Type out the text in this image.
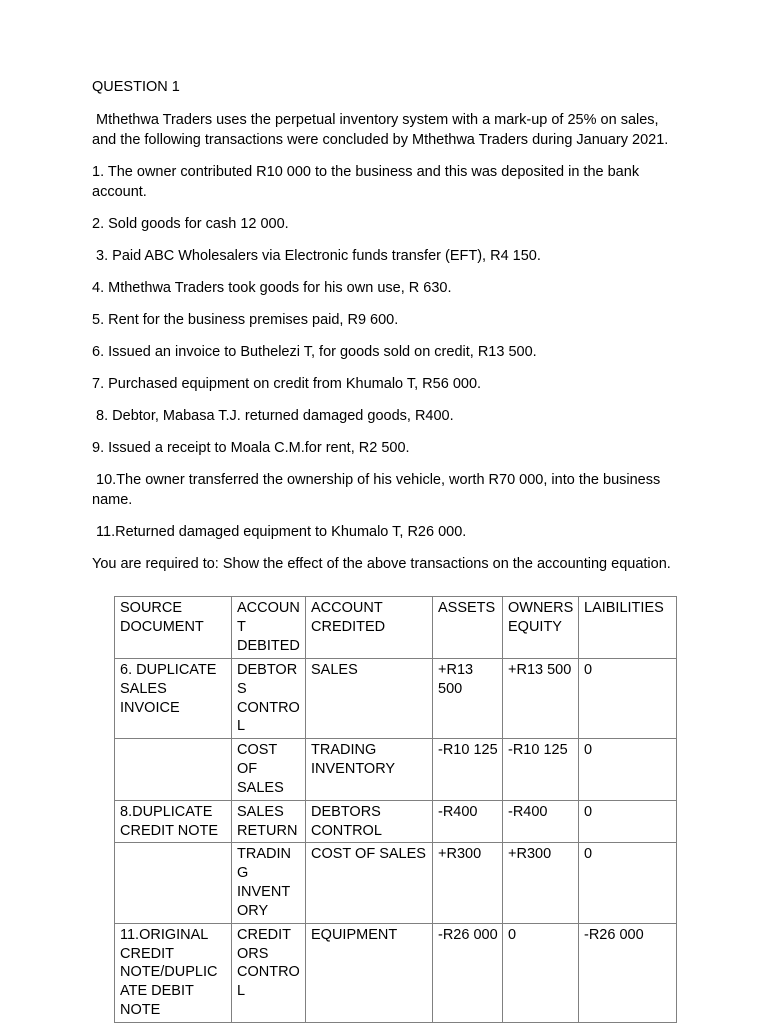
QUESTION 1

Mthethwa Traders uses the perpetual inventory system with a mark-up of 25% on sales, and the following transactions were concluded by Mthethwa Traders during January 2021.

1. The owner contributed R10 000 to the business and this was deposited in the bank account.

2. Sold goods for cash 12 000.

3. Paid ABC Wholesalers via Electronic funds transfer (EFT), R4 150.

4. Mthethwa Traders took goods for his own use, R 630.

5. Rent for the business premises paid, R9 600.

6. Issued an invoice to Buthelezi T, for goods sold on credit, R13 500.

7. Purchased equipment on credit from Khumalo T, R56 000.

8. Debtor, Mabasa T.J. returned damaged goods, R400.

9. Issued a receipt to Moala C.M.for rent, R2 500.

10.The owner transferred the ownership of his vehicle, worth R70 000, into the business name.

11.Returned damaged equipment to Khumalo T, R26 000.

You are required to: Show the effect of the above transactions on the accounting equation.

SOURCE DOCUMENT	ACCOUNT DEBITED	ACCOUNT CREDITED	ASSETS	OWNERS EQUITY	LAIBILITIES
6. DUPLICATE SALES INVOICE	DEBTORS CONTROL	SALES	+R13 500	+R13 500	0
	COST OF SALES	TRADING INVENTORY	-R10 125	-R10 125	0
8.DUPLICATE CREDIT NOTE	SALES RETURN	DEBTORS CONTROL	-R400	-R400	0
	TRADING INVENTORY	COST OF SALES	+R300	+R300	0
11.ORIGINAL CREDIT NOTE/DUPLICATE DEBIT NOTE	CREDITORS CONTROL	EQUIPMENT	-R26 000	0	-R26 000
